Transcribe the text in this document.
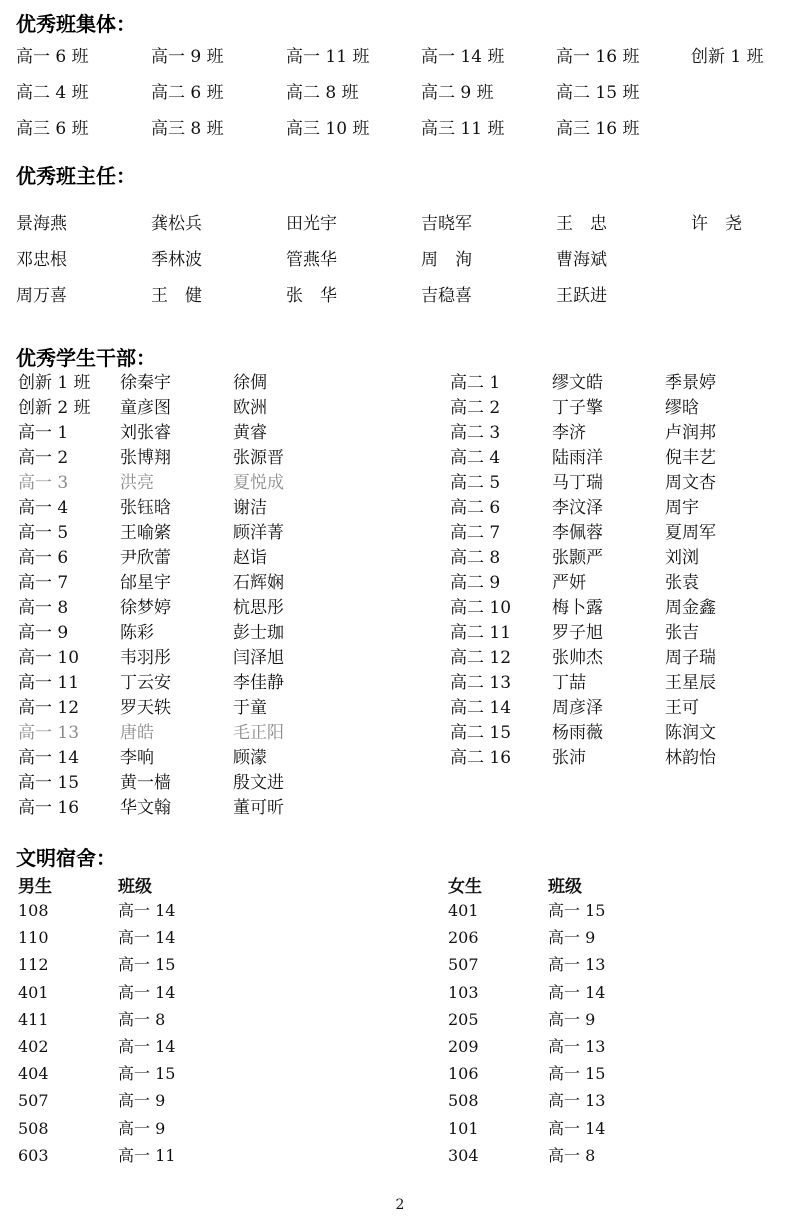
优秀班集体：
高一 6 班	高一 9 班	高一 11 班	高一 14 班	高一 16 班	创新 1 班
高二 4 班	高二 6 班	高二 8 班	高二 9 班	高二 15 班
高三 6 班	高三 8 班	高三 10 班	高三 11 班	高三 16 班
优秀班主任：
景海燕	龚松兵	田光宇	吉晓军	王　忠	许　尧
邓忠根	季林波	管燕华	周　洵	曹海斌
周万喜	王　健	张　华	吉稳喜	王跃进
优秀学生干部：
创新 1 班 徐秦宇	徐倜
创新 2 班 童彦图	欧洲
高一 1	刘张睿	黄睿
高一 2	张博翔	张源晋
高一 3	洪亮	夏悦成
高一 4	张钰晗	谢洁
高一 5	王喻綮	顾洋菁
高一 6	尹欣蕾	赵诣
高一 7	邰星宇	石辉娴
高一 8	徐梦婷	杭思彤
高一 9	陈彩	彭士珈
高一 10 韦羽彤	闫泽旭
高一 11 丁云安	李佳静
高一 12 罗天轶	于童
高一 13 唐皓	毛正阳
高一 14 李响	顾濛
高一 15 黄一樯	殷文进
高一 16 华文翰	董可昕
高二 1	缪文皓	季景婷
高二 2	丁子擎	缪晗
高二 3	李济	卢润邦
高二 4	陆雨洋	倪丰艺
高二 5	马丁瑞	周文杏
高二 6	李汶泽	周宇
高二 7	李佩蓉	夏周军
高二 8	张颢严	刘浏
高二 9	严妍	张袁
高二 10 梅卜露	周金鑫
高二 11 罗子旭	张吉
高二 12 张帅杰	周子瑞
高二 13 丁喆	王星辰
高二 14 周彦泽	王可
高二 15 杨雨薇	陈润文
高二 16 张沛	林韵怡
文明宿舍：
男生	班级
108	高一 14
110	高一 14
112	高一 15
401	高一 14
411	高一 8
402	高一 14
404	高一 15
507	高一 9
508	高一 9
603	高一 11
女生	班级
401	高一 15
206	高一 9
507	高一 13
103	高一 14
205	高一 9
209	高一 13
106	高一 15
508	高一 13
101	高一 14
304	高一 8
2
